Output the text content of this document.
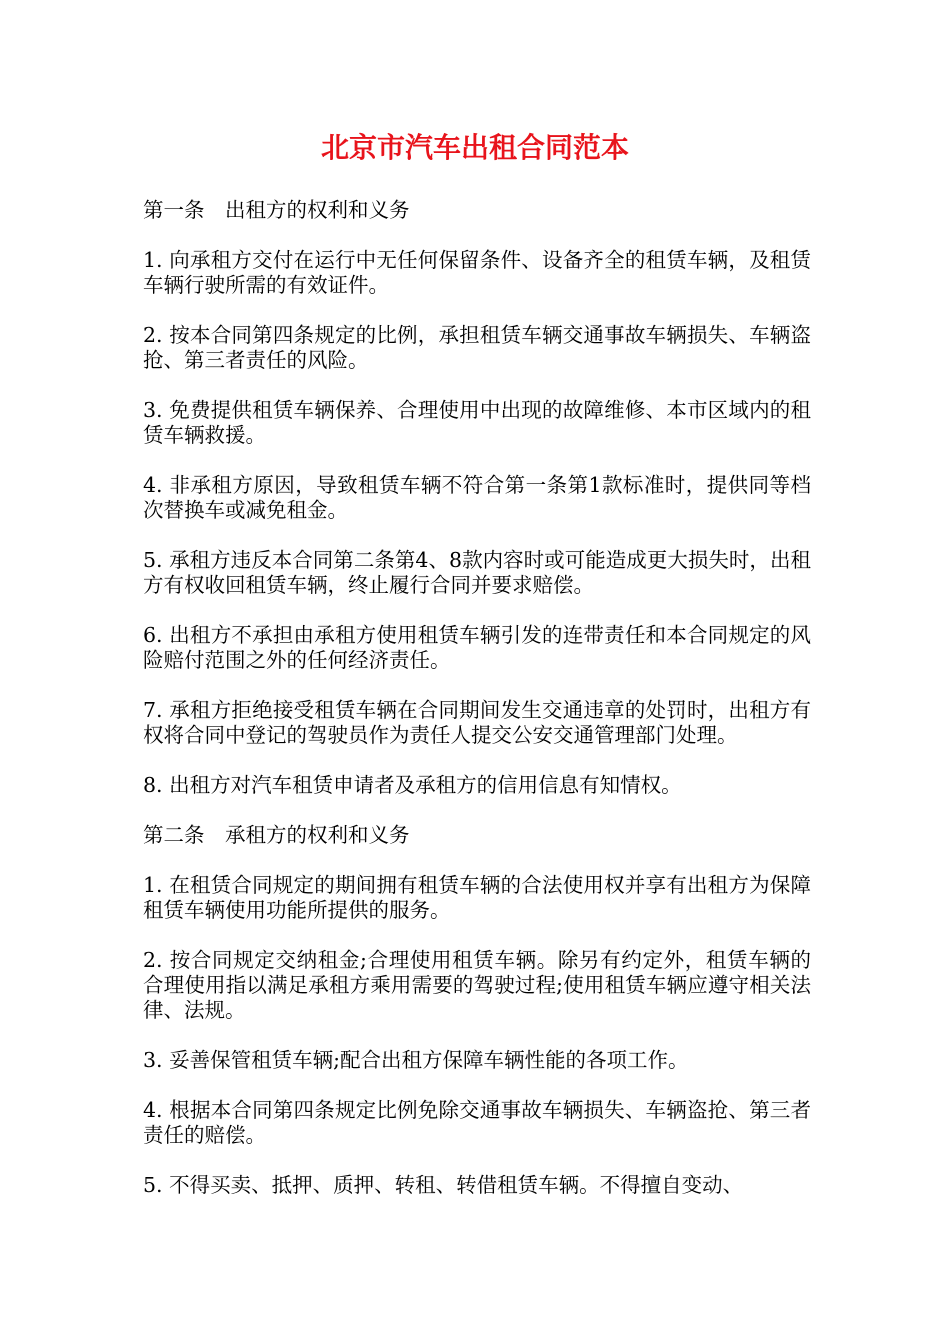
北京市汽车出租合同范本

第一条　出租方的权利和义务

1. 向承租方交付在运行中无任何保留条件、设备齐全的租赁车辆，及租赁车辆行驶所需的有效证件。

2. 按本合同第四条规定的比例，承担租赁车辆交通事故车辆损失、车辆盗抢、第三者责任的风险。

3. 免费提供租赁车辆保养、合理使用中出现的故障维修、本市区域内的租赁车辆救援。

4. 非承租方原因，导致租赁车辆不符合第一条第1款标准时，提供同等档次替换车或减免租金。

5. 承租方违反本合同第二条第4、8款内容时或可能造成更大损失时，出租方有权收回租赁车辆，终止履行合同并要求赔偿。

6. 出租方不承担由承租方使用租赁车辆引发的连带责任和本合同规定的风险赔付范围之外的任何经济责任。

7. 承租方拒绝接受租赁车辆在合同期间发生交通违章的处罚时，出租方有权将合同中登记的驾驶员作为责任人提交公安交通管理部门处理。

8. 出租方对汽车租赁申请者及承租方的信用信息有知情权。

第二条　承租方的权利和义务

1. 在租赁合同规定的期间拥有租赁车辆的合法使用权并享有出租方为保障租赁车辆使用功能所提供的服务。

2. 按合同规定交纳租金;合理使用租赁车辆。除另有约定外，租赁车辆的合理使用指以满足承租方乘用需要的驾驶过程;使用租赁车辆应遵守相关法律、法规。

3. 妥善保管租赁车辆;配合出租方保障车辆性能的各项工作。

4. 根据本合同第四条规定比例免除交通事故车辆损失、车辆盗抢、第三者责任的赔偿。

5. 不得买卖、抵押、质押、转租、转借租赁车辆。不得擅自变动、
